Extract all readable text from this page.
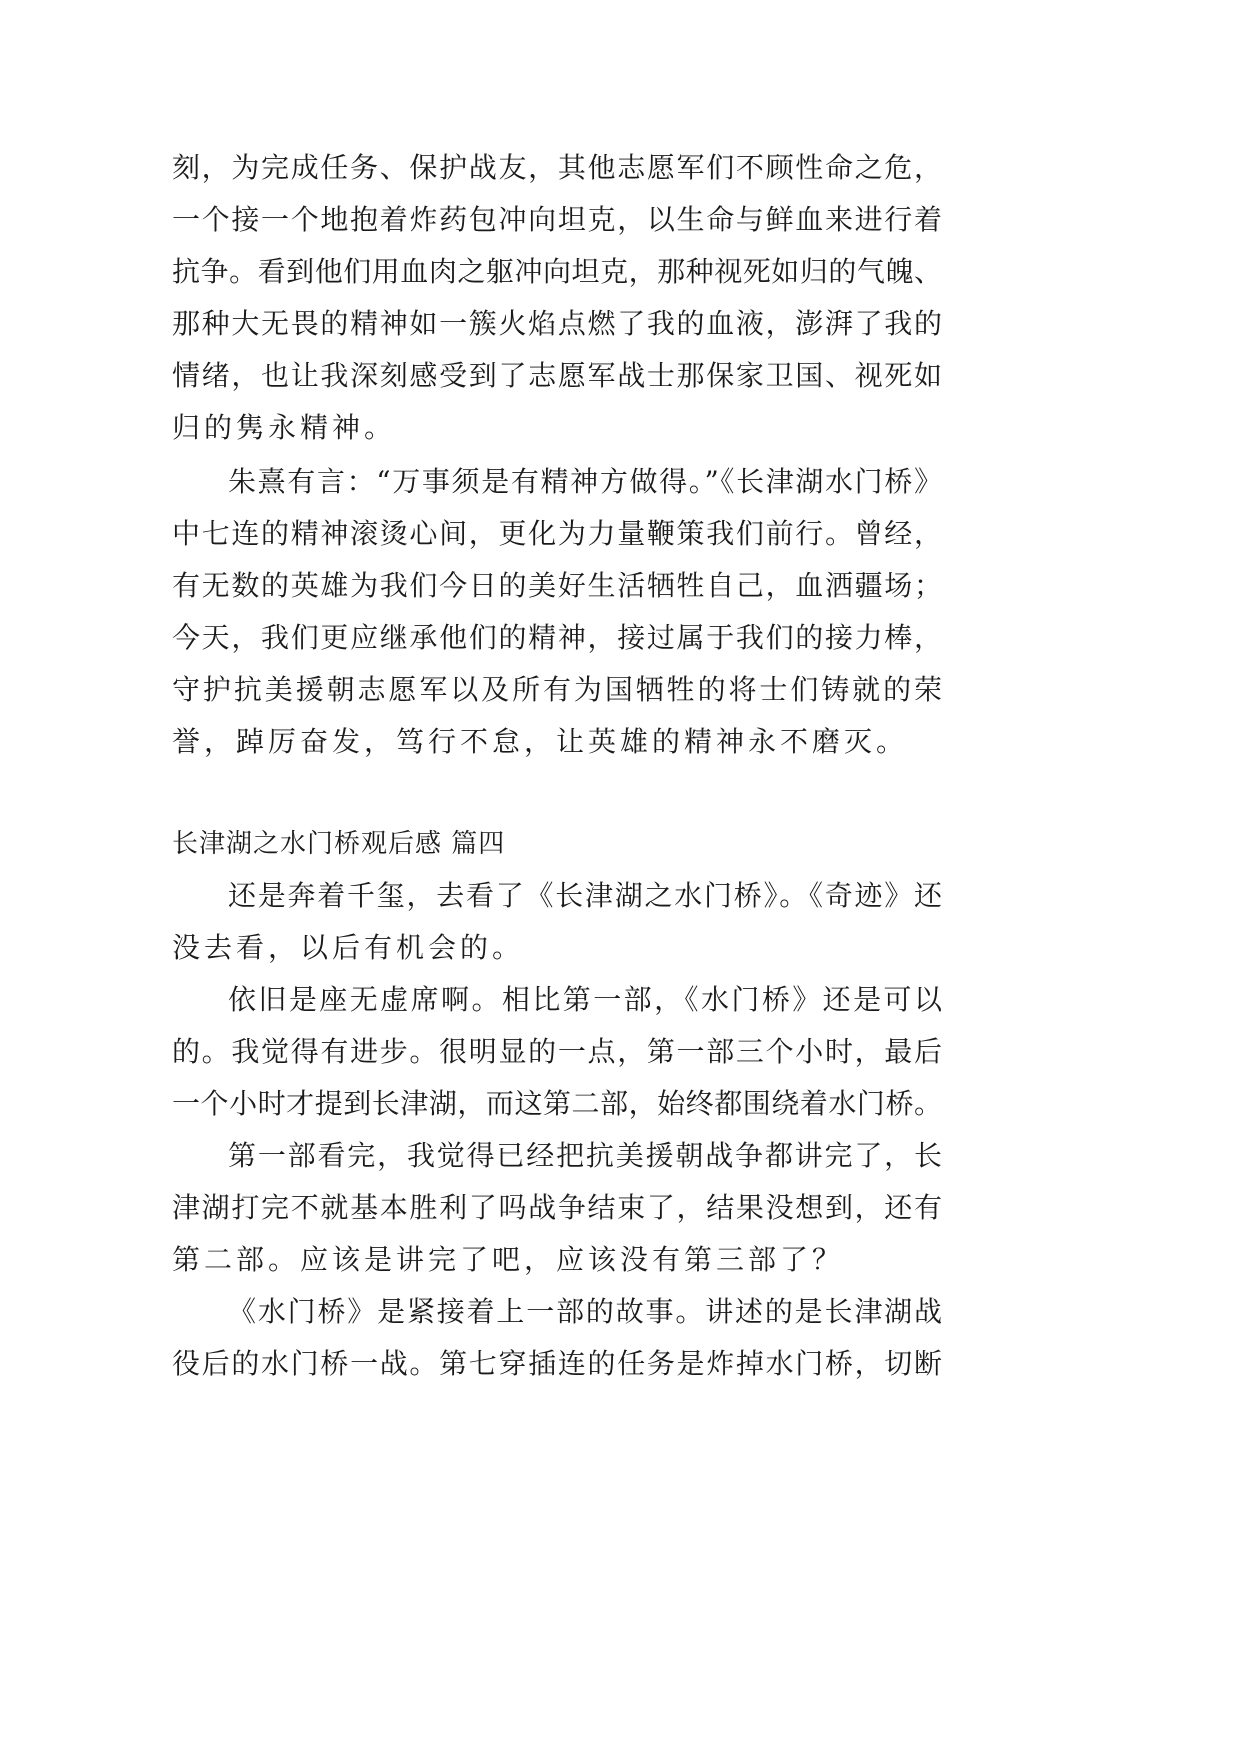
刻，为完成任务、保护战友，其他志愿军们不顾性命之危，
一个接一个地抱着炸药包冲向坦克，以生命与鲜血来进行着
抗争。看到他们用血肉之躯冲向坦克，那种视死如归的气魄、
那种大无畏的精神如一簇火焰点燃了我的血液，澎湃了我的
情绪，也让我深刻感受到了志愿军战士那保家卫国、视死如
归的隽永精神。
朱熹有言：“万事须是有精神方做得。”《长津湖水门桥》
中七连的精神滚烫心间，更化为力量鞭策我们前行。曾经，
有无数的英雄为我们今日的美好生活牺牲自己，血洒疆场；
今天，我们更应继承他们的精神，接过属于我们的接力棒，
守护抗美援朝志愿军以及所有为国牺牲的将士们铸就的荣
誉，踔厉奋发，笃行不怠，让英雄的精神永不磨灭。
长津湖之水门桥观后感 篇四
还是奔着千玺，去看了《长津湖之水门桥》。《奇迹》还
没去看，以后有机会的。
依旧是座无虚席啊。相比第一部，《水门桥》还是可以
的。我觉得有进步。很明显的一点，第一部三个小时，最后
一个小时才提到长津湖，而这第二部，始终都围绕着水门桥。
第一部看完，我觉得已经把抗美援朝战争都讲完了，长
津湖打完不就基本胜利了吗战争结束了，结果没想到，还有
第二部。应该是讲完了吧，应该没有第三部了？
《水门桥》是紧接着上一部的故事。讲述的是长津湖战
役后的水门桥一战。第七穿插连的任务是炸掉水门桥，切断
